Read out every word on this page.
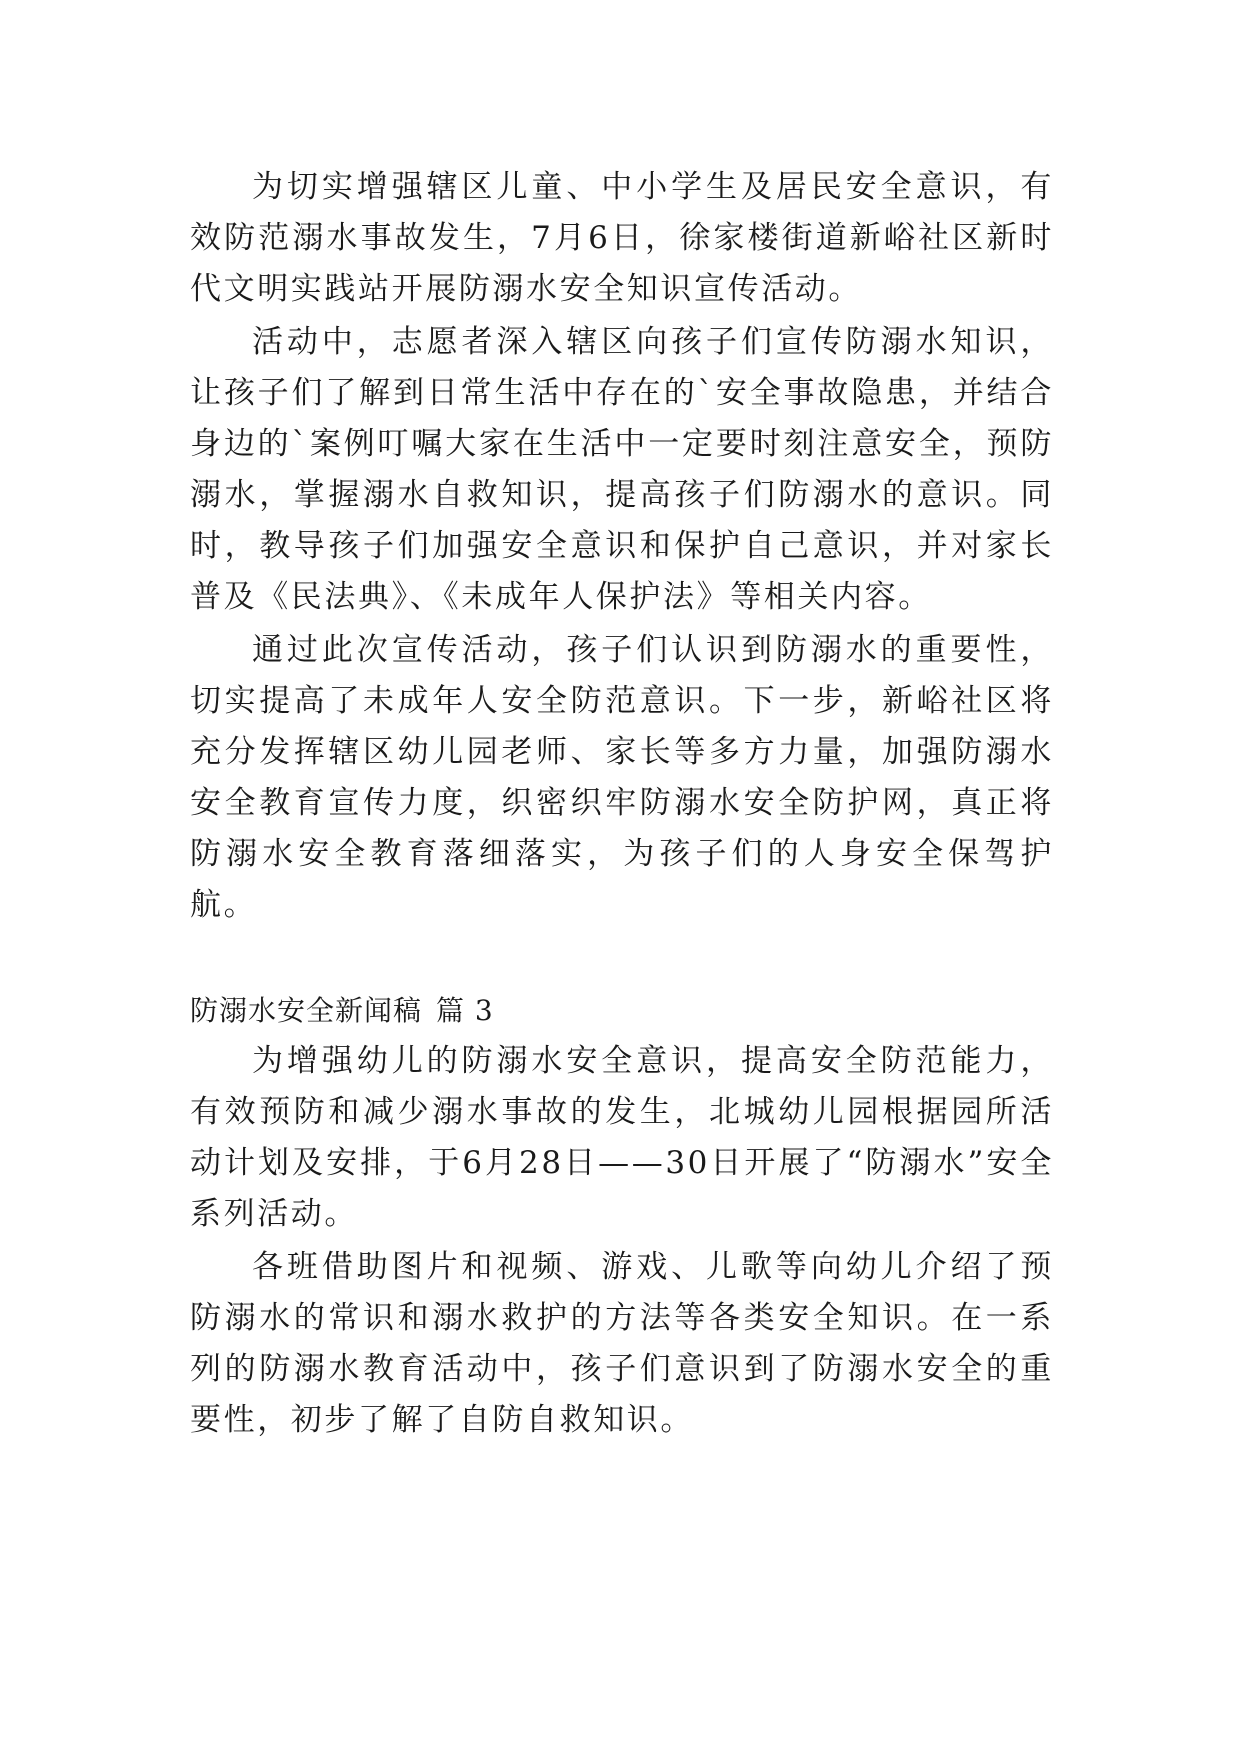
为切实增强辖区儿童、中小学生及居民安全意识，有效防范溺水事故发生，7月6日，徐家楼街道新峪社区新时代文明实践站开展防溺水安全知识宣传活动。

活动中，志愿者深入辖区向孩子们宣传防溺水知识，让孩子们了解到日常生活中存在的`安全事故隐患，并结合身边的`案例叮嘱大家在生活中一定要时刻注意安全，预防溺水，掌握溺水自救知识，提高孩子们防溺水的意识。同时，教导孩子们加强安全意识和保护自己意识，并对家长普及《民法典》、《未成年人保护法》等相关内容。

通过此次宣传活动，孩子们认识到防溺水的重要性，切实提高了未成年人安全防范意识。下一步，新峪社区将充分发挥辖区幼儿园老师、家长等多方力量，加强防溺水安全教育宣传力度，织密织牢防溺水安全防护网，真正将防溺水安全教育落细落实，为孩子们的人身安全保驾护航。

防溺水安全新闻稿 篇 3

为增强幼儿的防溺水安全意识，提高安全防范能力，有效预防和减少溺水事故的发生，北城幼儿园根据园所活动计划及安排，于6月28日——30日开展了“防溺水”安全系列活动。

各班借助图片和视频、游戏、儿歌等向幼儿介绍了预防溺水的常识和溺水救护的方法等各类安全知识。在一系列的防溺水教育活动中，孩子们意识到了防溺水安全的重要性，初步了解了自防自救知识。
